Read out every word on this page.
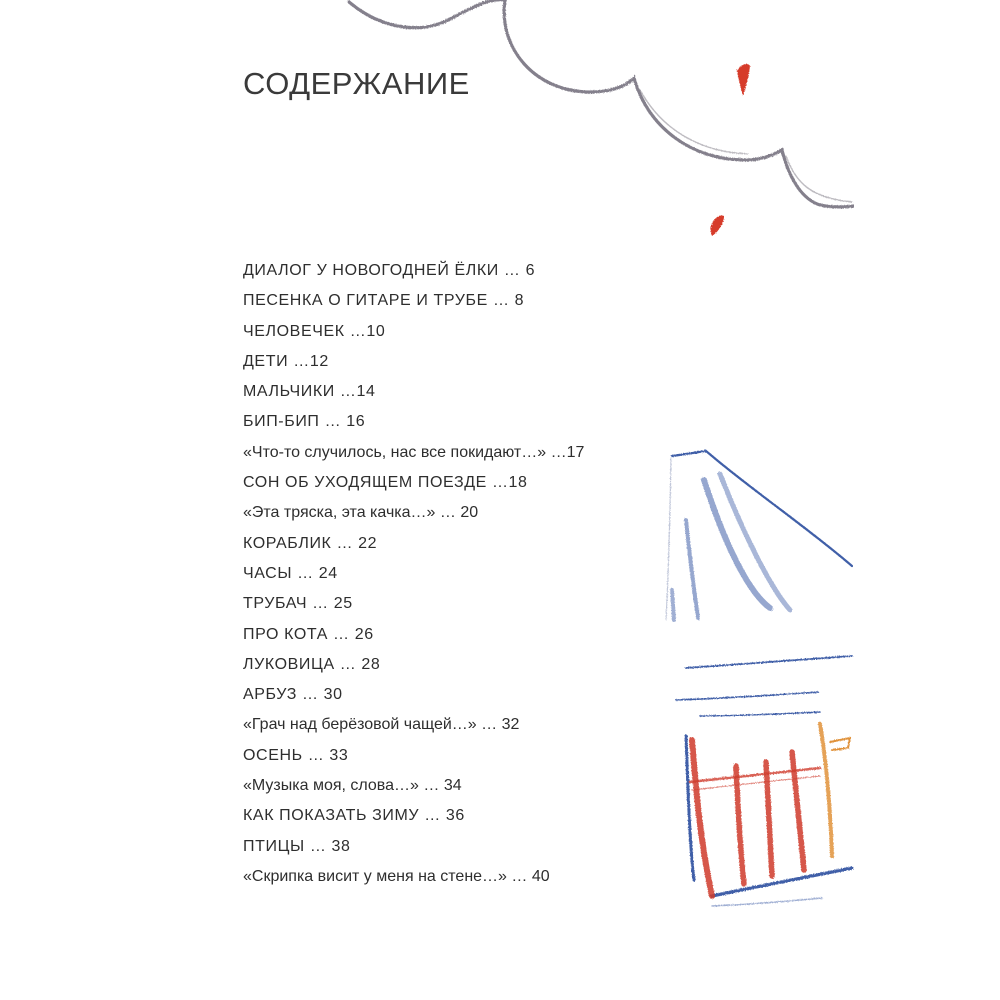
СОДЕРЖАНИЕ
ДИАЛОГ У НОВОГОДНЕЙ ЁЛКИ … 6
ПЕСЕНКА О ГИТАРЕ И ТРУБЕ … 8
ЧЕЛОВЕЧЕК …10
ДЕТИ …12
МАЛЬЧИКИ …14
БИП-БИП … 16
«Что-то случилось, нас все покидают…» …17
СОН ОБ УХОДЯЩЕМ ПОЕЗДЕ …18
«Эта тряска, эта качка…» … 20
КОРАБЛИК … 22
ЧАСЫ … 24
ТРУБАЧ … 25
ПРО КОТА … 26
ЛУКОВИЦА … 28
АРБУЗ … 30
«Грач над берёзовой чащей…» … 32
ОСЕНЬ … 33
«Музыка моя, слова…» … 34
КАК ПОКАЗАТЬ ЗИМУ … 36
ПТИЦЫ … 38
«Скрипка висит у меня на стене…» … 40
